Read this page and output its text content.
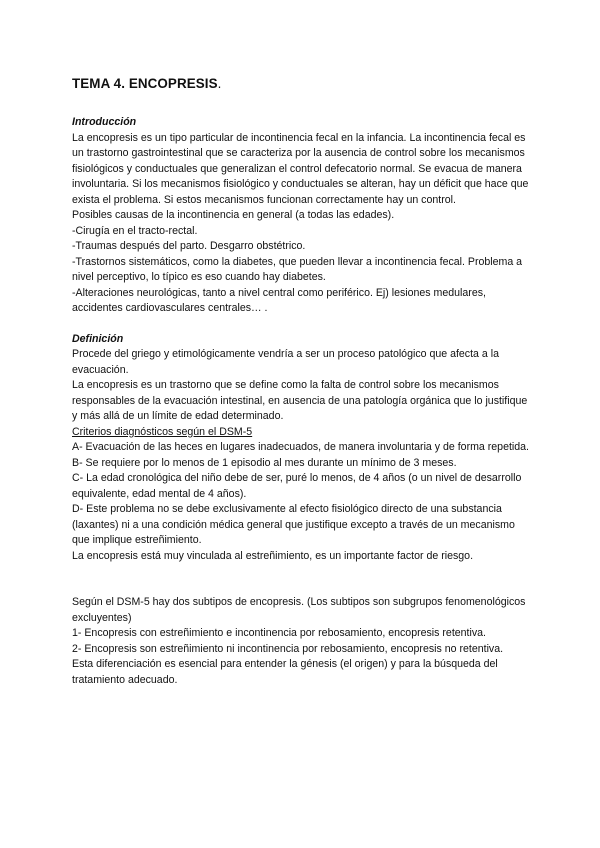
TEMA 4. ENCOPRESIS.
Introducción

La encopresis es un tipo particular de incontinencia fecal en la infancia. La incontinencia fecal es un trastorno gastrointestinal que se caracteriza por la ausencia de control sobre los mecanismos fisiológicos y conductuales que generalizan el control defecatorio normal. Se evacua de manera involuntaria. Si los mecanismos fisiológico y conductuales se alteran, hay un déficit que hace que exista el problema. Si estos mecanismos funcionan correctamente hay un control.

Posibles causas de la incontinencia en general (a todas las edades).

-Cirugía en el tracto-rectal.

-Traumas después del parto. Desgarro obstétrico.

-Trastornos sistemáticos, como la diabetes, que pueden llevar a incontinencia fecal. Problema a nivel perceptivo, lo típico es eso cuando hay diabetes.

-Alteraciones neurológicas, tanto a nivel central como periférico. Ej) lesiones medulares, accidentes cardiovasculares centrales… .

Definición

Procede del griego y etimológicamente vendría a ser un proceso patológico que afecta a la evacuación.

La encopresis es un trastorno que se define como la falta de control sobre los mecanismos responsables de la evacuación intestinal, en ausencia de una patología orgánica que lo justifique y más allá de un límite de edad determinado.

Criterios diagnósticos según el DSM-5

A- Evacuación de las heces en lugares inadecuados, de manera involuntaria y de forma repetida.

B- Se requiere por lo menos de 1 episodio al mes durante un mínimo de 3 meses.

C- La edad cronológica del niño debe de ser, puré lo menos, de 4 años (o un nivel de desarrollo equivalente, edad mental de 4 años).

D- Este problema no se debe exclusivamente al efecto fisiológico directo de una substancia (laxantes) ni a una condición médica general que justifique excepto a través de un mecanismo que implique estreñimiento.

La encopresis está muy vinculada al estreñimiento, es un importante factor de riesgo.

Según el DSM-5 hay dos subtipos de encopresis. (Los subtipos son subgrupos fenomenológicos excluyentes)

1- Encopresis con estreñimiento e incontinencia por rebosamiento, encopresis retentiva.

2- Encopresis son estreñimiento ni incontinencia por rebosamiento, encopresis no retentiva.

Esta diferenciación es esencial para entender la génesis (el origen) y para la búsqueda del tratamiento adecuado.
